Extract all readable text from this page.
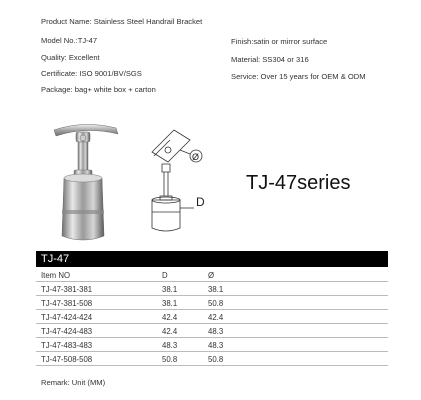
Product Name: Stainless Steel Handrail Bracket
Model No.:TJ-47
Quality: Excellent
Certificate: ISO 9001/BV/SGS
Package: bag+ white box + carton
Finish:satin or mirror surface
Material: SS304 or 316
Service: Over 15 years for OEM & ODM
Ø
D
TJ-47series
TJ-47
Item NO	D	Ø
TJ-47-381-381	38.1	38.1
TJ-47-381-508	38.1	50.8
TJ-47-424-424	42.4	42.4
TJ-47-424-483	42.4	48.3
TJ-47-483-483	48.3	48.3
TJ-47-508-508	50.8	50.8
Remark: Unit (MM)
